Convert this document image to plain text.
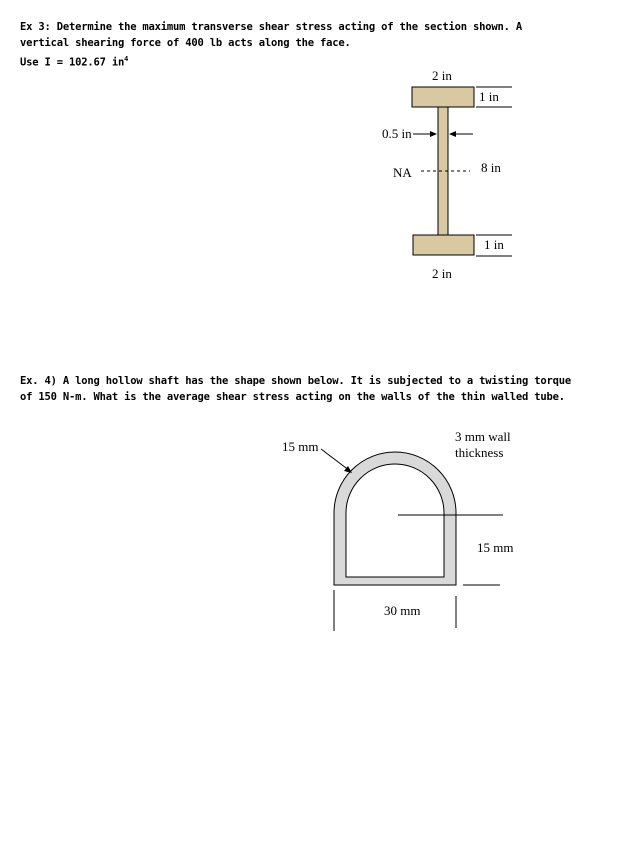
Ex 3: Determine the maximum transverse shear stress acting of the section shown. A
vertical shearing force of 400 lb acts along the face.
Use I = 102.67 $in^4$
2 in
1 in
0.5 in
NA	8 in
1 in
2 in
15 mm
3 mm wall
thickness
15 mm
30 mm
Ex. 4) A long hollow shaft has the shape shown below. It is subjected to a twisting torque
of 150 N-m. What is the average shear stress acting on the walls of the thin walled tube.
